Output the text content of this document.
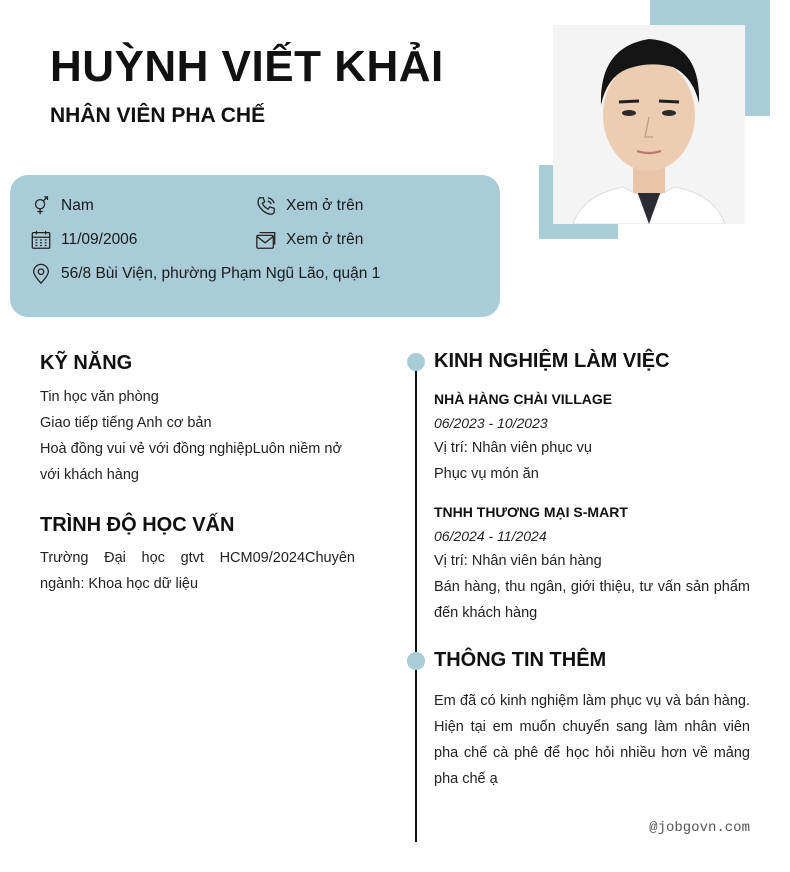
HUỲNH VIẾT KHẢI
NHÂN VIÊN PHA CHẾ
Nam	Xem ở trên
11/09/2006	Xem ở trên
56/8 Bùi Viện, phường Phạm Ngũ Lão, quận 1
KỸ NĂNG
Tin học văn phòng
Giao tiếp tiếng Anh cơ bản
Hoà đồng vui vẻ với đồng nghiệpLuôn niềm nở với khách hàng
TRÌNH ĐỘ HỌC VẤN
Trường Đại học gtvt HCM09/2024Chuyên ngành: Khoa học dữ liệu
KINH NGHIỆM LÀM VIỆC
NHÀ HÀNG CHÀI VILLAGE
06/2023 - 10/2023
Vị trí: Nhân viên phục vụ
Phục vụ món ăn
TNHH THƯƠNG MẠI S-MART
06/2024 - 11/2024
Vị trí: Nhân viên bán hàng
Bán hàng, thu ngân, giới thiệu, tư vấn sản phẩm đến khách hàng
THÔNG TIN THÊM
Em đã có kinh nghiệm làm phục vụ và bán hàng. Hiện tại em muốn chuyển sang làm nhân viên pha chế cà phê để học hỏi nhiều hơn về mảng pha chế ạ
@jobgovn.com
